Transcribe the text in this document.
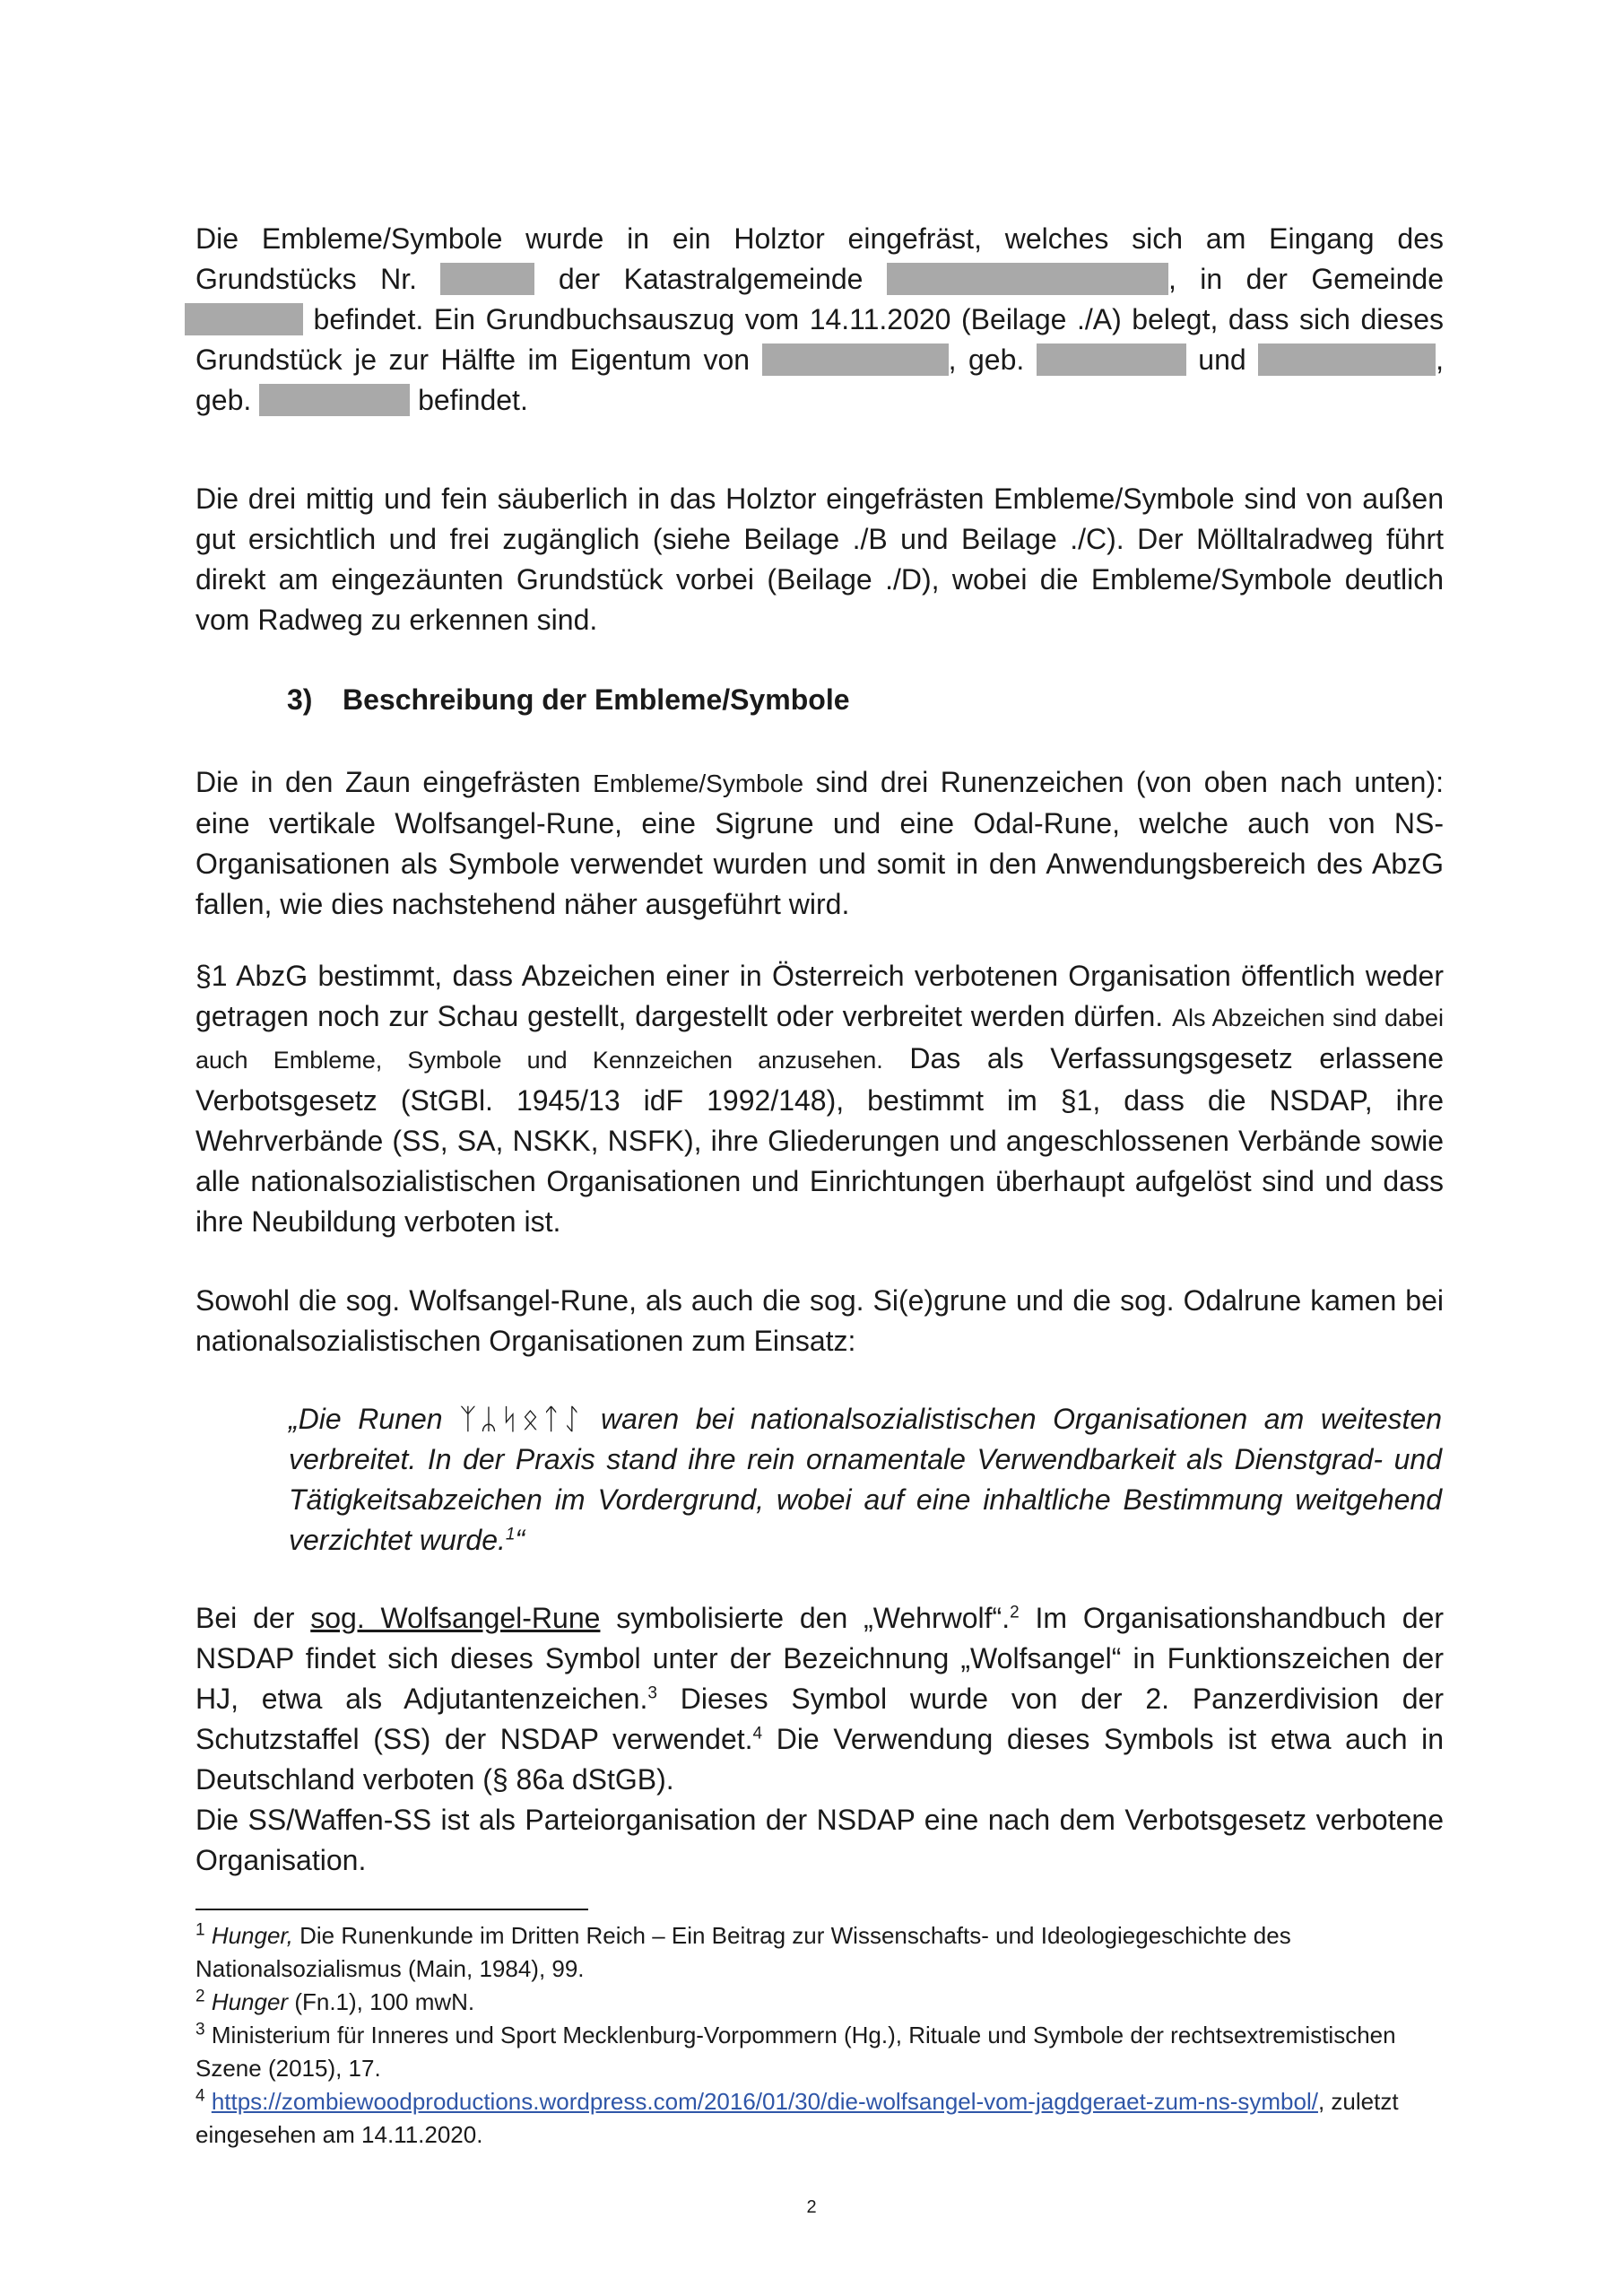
Die Embleme/Symbole wurde in ein Holztor eingefräst, welches sich am Eingang des

Grundstücks Nr.	der Katastralgemeinde	, in der Gemeinde

befindet. Ein Grundbuchsauszug vom 14.11.2020 (Beilage ./A) belegt, dass sich dieses

Grundstück je zur Hälfte im Eigentum von	, geb.	und	,

geb.	befindet.

Die drei mittig und fein säuberlich in das Holztor eingefrästen Embleme/Symbole sind von außen gut ersichtlich und frei zugänglich (siehe Beilage ./B und Beilage ./C). Der Mölltalradweg führt direkt am eingezäunten Grundstück vorbei (Beilage ./D), wobei die Embleme/Symbole deutlich vom Radweg zu erkennen sind.

3) Beschreibung der Embleme/Symbole

Die in den Zaun eingefrästen Embleme/Symbole sind drei Runenzeichen (von oben nach unten): eine vertikale Wolfsangel-Rune, eine Sigrune und eine Odal-Rune, welche auch von NS-Organisationen als Symbole verwendet wurden und somit in den Anwendungsbereich des AbzG fallen, wie dies nachstehend näher ausgeführt wird.

§1 AbzG bestimmt, dass Abzeichen einer in Österreich verbotenen Organisation öffentlich weder getragen noch zur Schau gestellt, dargestellt oder verbreitet werden dürfen. Als Abzeichen sind dabei auch Embleme, Symbole und Kennzeichen anzusehen. Das als Verfassungsgesetz erlassene Verbotsgesetz (StGBl. 1945/13 idF 1992/148), bestimmt im §1, dass die NSDAP, ihre Wehrverbände (SS, SA, NSKK, NSFK), ihre Gliederungen und angeschlossenen Verbände sowie alle nationalsozialistischen Organisationen und Einrichtungen überhaupt aufgelöst sind und dass ihre Neubildung verboten ist.

Sowohl die sog. Wolfsangel-Rune, als auch die sog. Si(e)grune und die sog. Odalrune kamen bei nationalsozialistischen Organisationen zum Einsatz:

„Die Runen ᛉᛦᛋᛟᛏᛇ waren bei nationalsozialistischen Organisationen am weitesten verbreitet. In der Praxis stand ihre rein ornamentale Verwendbarkeit als Dienstgrad- und Tätigkeitsabzeichen im Vordergrund, wobei auf eine inhaltliche Bestimmung weitgehend verzichtet wurde.$^1$“

Bei der sog. Wolfsangel-Rune symbolisierte den „Wehrwolf“.$^2$ Im Organisationshandbuch der NSDAP findet sich dieses Symbol unter der Bezeichnung „Wolfsangel“ in Funktionszeichen der HJ, etwa als Adjutantenzeichen.$^3$ Dieses Symbol wurde von der 2. Panzerdivision der Schutzstaffel (SS) der NSDAP verwendet.$^4$ Die Verwendung dieses Symbols ist etwa auch in Deutschland verboten (§ 86a dStGB).

Die SS/Waffen-SS ist als Parteiorganisation der NSDAP eine nach dem Verbotsgesetz verbotene Organisation.

$^1$ Hunger, Die Runenkunde im Dritten Reich – Ein Beitrag zur Wissenschafts- und Ideologiegeschichte des Nationalsozialismus (Main, 1984), 99.
$^2$ Hunger (Fn.1), 100 mwN.
$^3$ Ministerium für Inneres und Sport Mecklenburg-Vorpommern (Hg.), Rituale und Symbole der rechtsextremistischen Szene (2015), 17.
$^4$ https://zombiewoodproductions.wordpress.com/2016/01/30/die-wolfsangel-vom-jagdgeraet-zum-ns-symbol/, zuletzt eingesehen am 14.11.2020.
2
